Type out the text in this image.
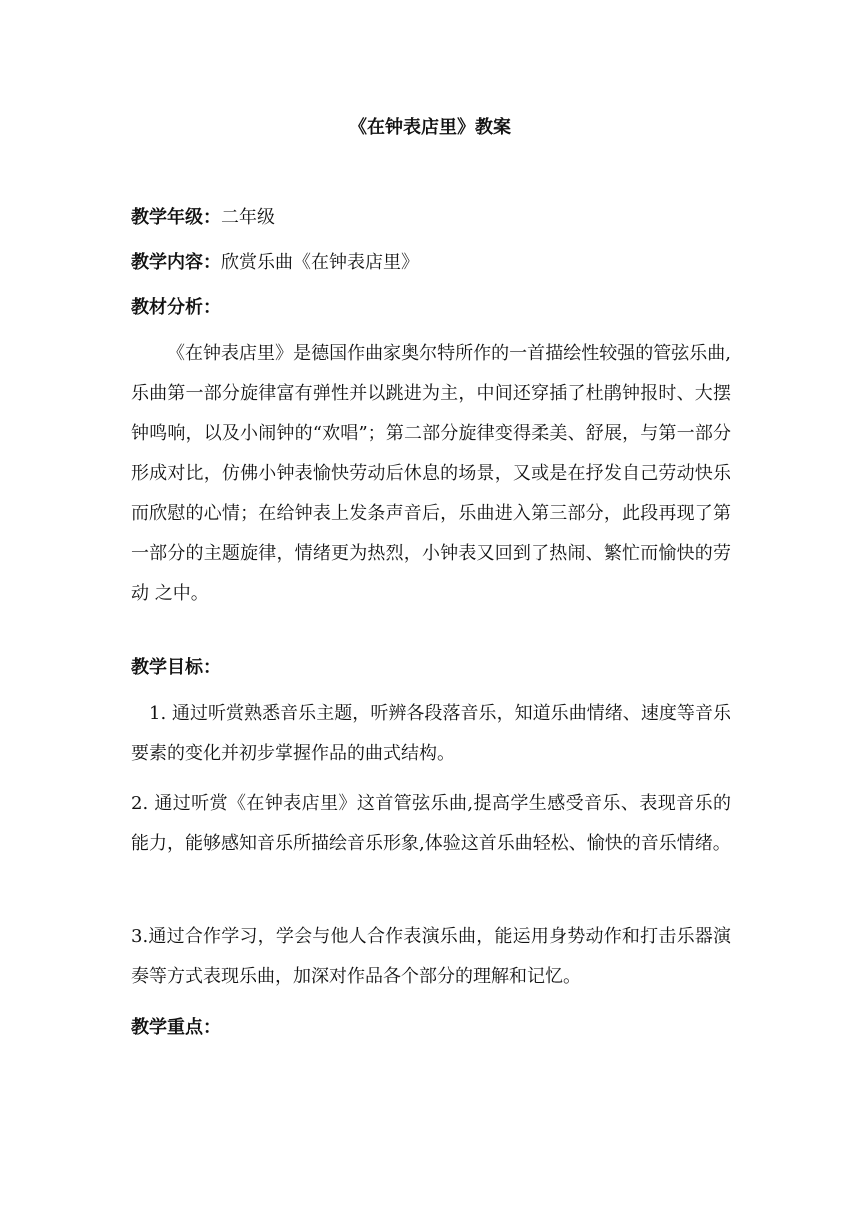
《在钟表店里》教案
教学年级：二年级
教学内容：欣赏乐曲《在钟表店里》
教材分析：
《在钟表店里》是德国作曲家奥尔特所作的一首描绘性较强的管弦乐曲,乐曲第一部分旋律富有弹性并以跳进为主，中间还穿插了杜鹃钟报时、大摆钟鸣响，以及小闹钟的“欢唱”；第二部分旋律变得柔美、舒展，与第一部分形成对比，仿佛小钟表愉快劳动后休息的场景，又或是在抒发自己劳动快乐而欣慰的心情；在给钟表上发条声音后，乐曲进入第三部分，此段再现了第一部分的主题旋律，情绪更为热烈，小钟表又回到了热闹、繁忙而愉快的劳动 之中。
教学目标：
1. 通过听赏熟悉音乐主题，听辨各段落音乐，知道乐曲情绪、速度等音乐要素的变化并初步掌握作品的曲式结构。
2. 通过听赏《在钟表店里》这首管弦乐曲,提高学生感受音乐、表现音乐的能力，能够感知音乐所描绘音乐形象,体验这首乐曲轻松、愉快的音乐情绪。
3.通过合作学习，学会与他人合作表演乐曲，能运用身势动作和打击乐器演奏等方式表现乐曲，加深对作品各个部分的理解和记忆。
教学重点：
